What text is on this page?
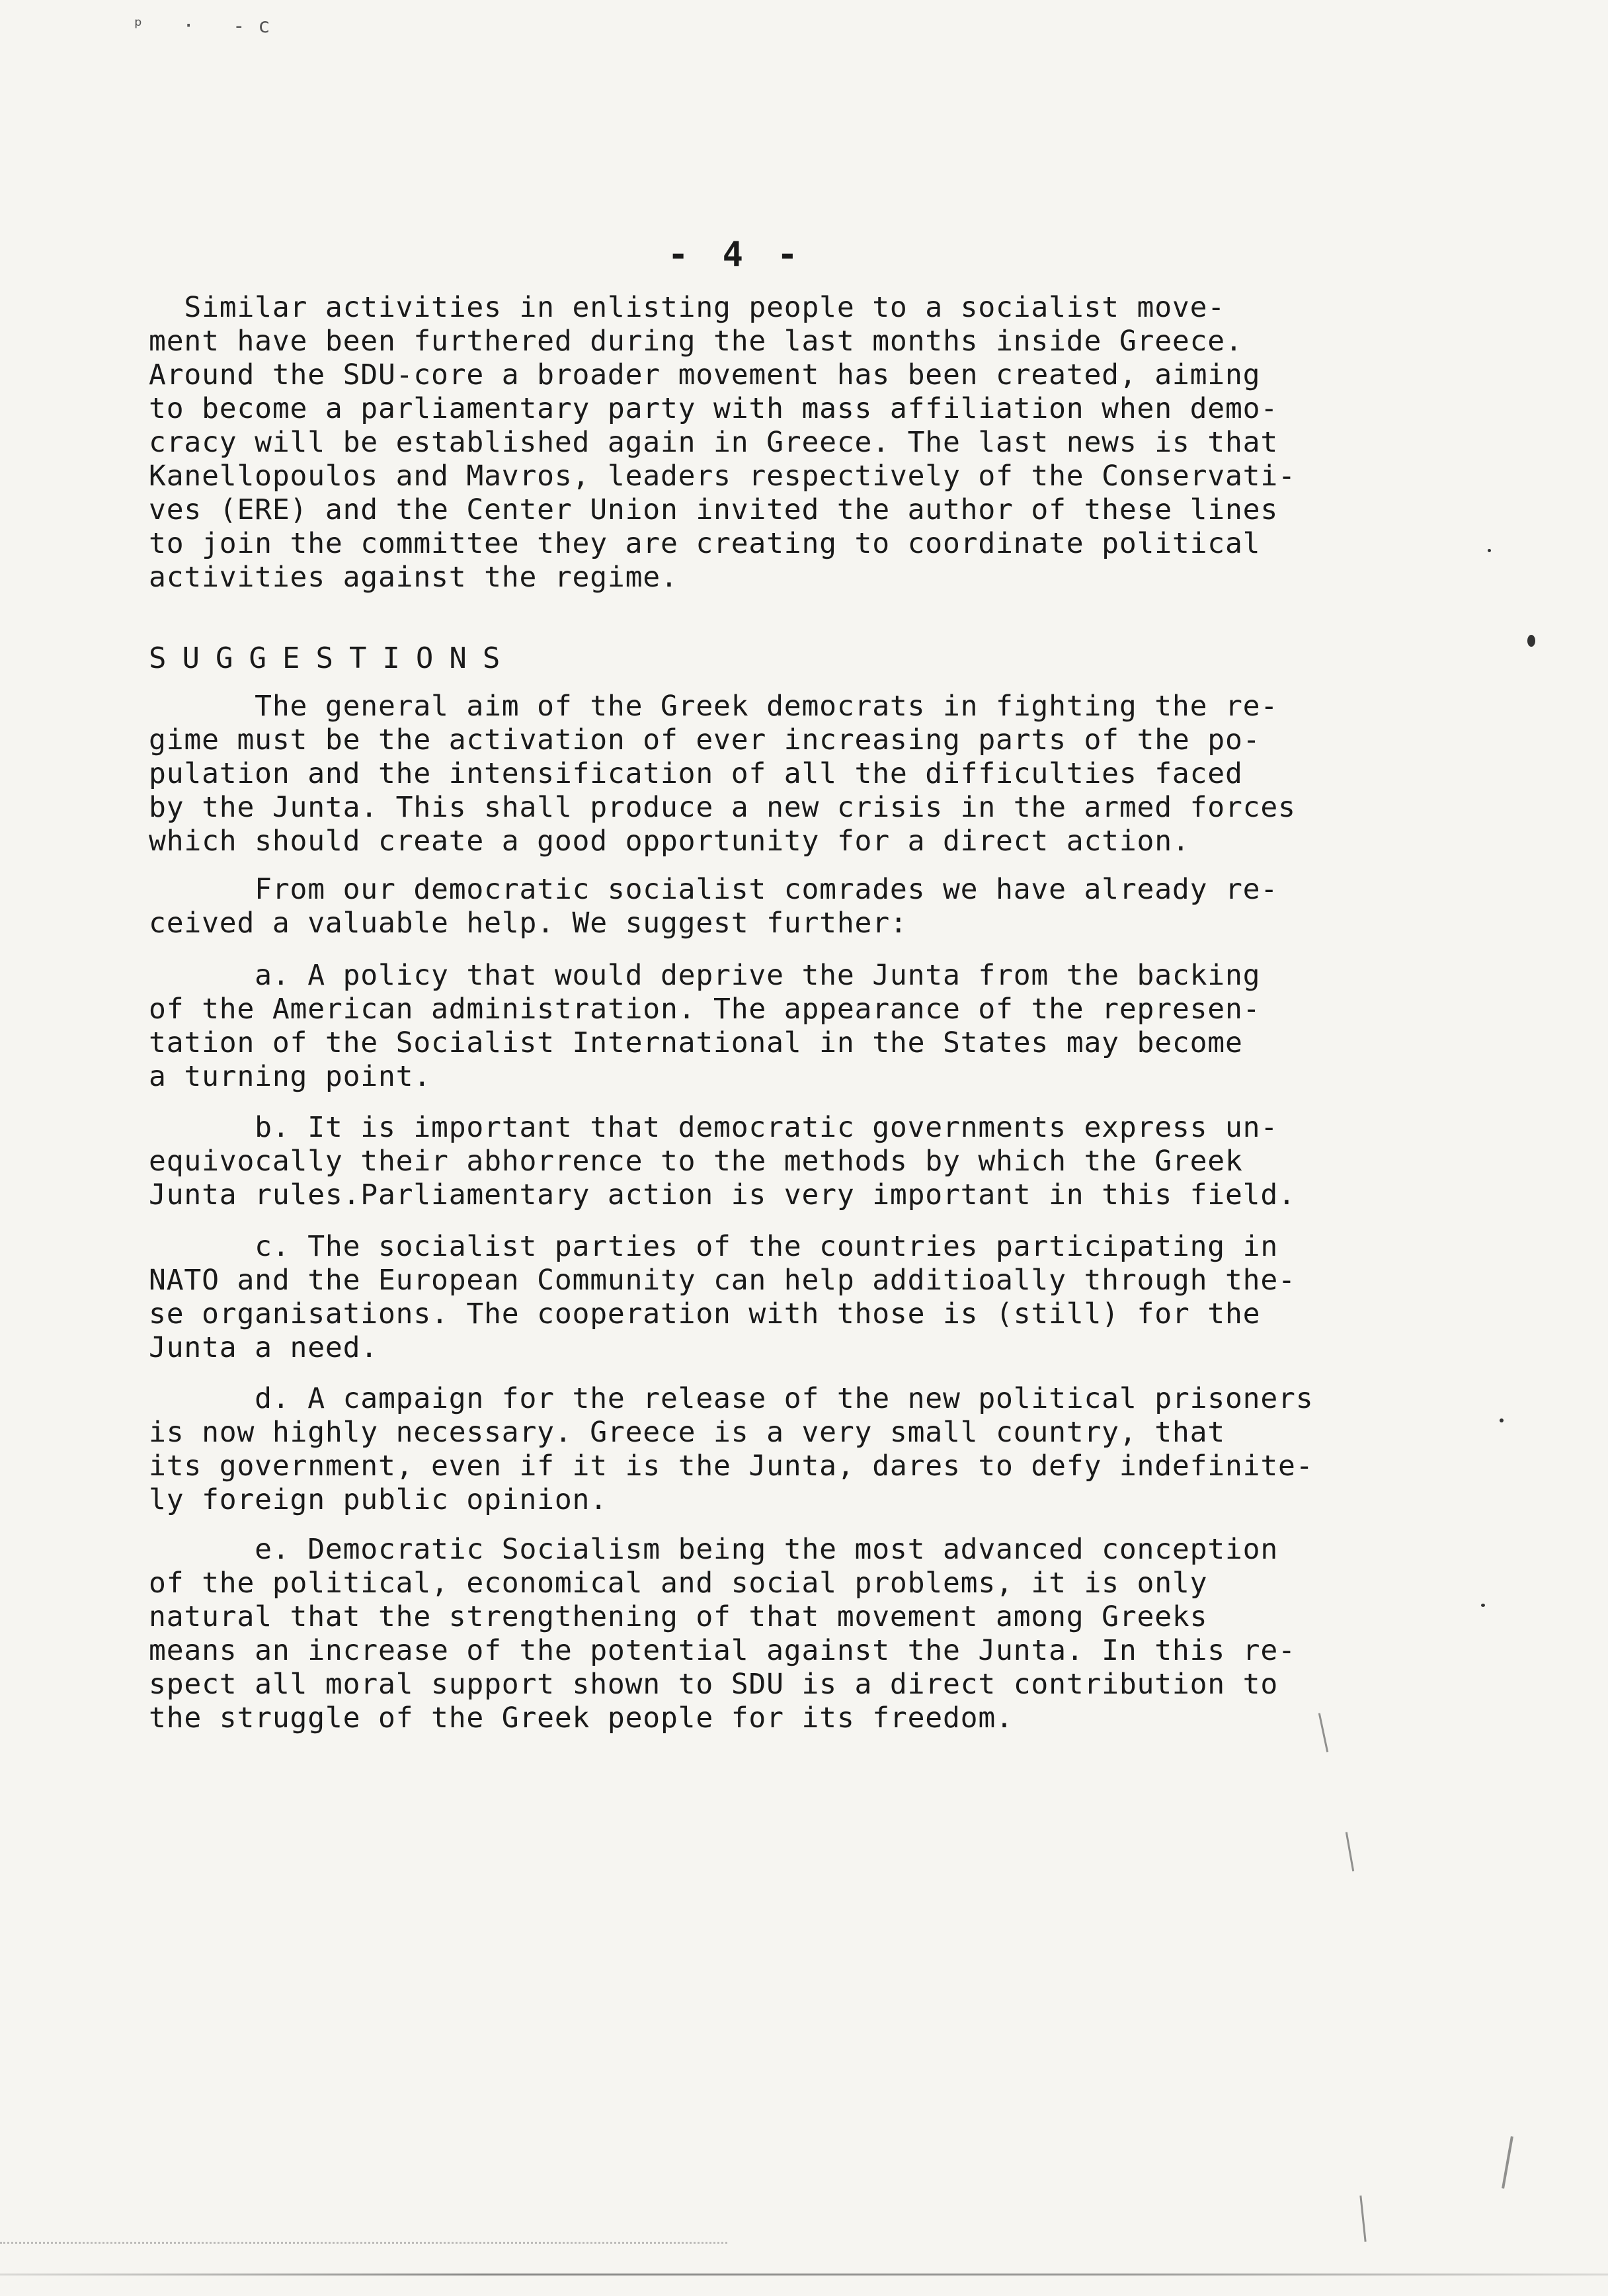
ᵖ · ‐c
- 4 -
Similar activities in enlisting people to a socialist move-
ment have been furthered during the last months inside Greece.
Around the SDU-core a broader movement has been created, aiming
to become a parliamentary party with mass affiliation when demo-
cracy will be established again in Greece. The last news is that
Kanellopoulos and Mavros, leaders respectively of the Conservati-
ves (ERE) and the Center Union invited the author of these lines
to join the committee they are creating to coordinate political
activities against the regime.
SUGGESTIONS
The general aim of the Greek democrats in fighting the re-
gime must be the activation of ever increasing parts of the po-
pulation and the intensification of all the difficulties faced
by the Junta. This shall produce a new crisis in the armed forces
which should create a good opportunity for a direct action.
From our democratic socialist comrades we have already re-
ceived a valuable help. We suggest further:
a. A policy that would deprive the Junta from the backing
of the American administration. The appearance of the represen-
tation of the Socialist International in the States may become
a turning point.
b. It is important that democratic governments express un-
equivocally their abhorrence to the methods by which the Greek
Junta rules.Parliamentary action is very important in this field.
c. The socialist parties of the countries participating in
NATO and the European Community can help additioally through the-
se organisations. The cooperation with those is (still) for the
Junta a need.
d. A campaign for the release of the new political prisoners
is now highly necessary. Greece is a very small country, that
its government, even if it is the Junta, dares to defy indefinite-
ly foreign public opinion.
e. Democratic Socialism being the most advanced conception
of the political, economical and social problems, it is only
natural that the strengthening of that movement among Greeks
means an increase of the potential against the Junta. In this re-
spect all moral support shown to SDU is a direct contribution to
the struggle of the Greek people for its freedom.
